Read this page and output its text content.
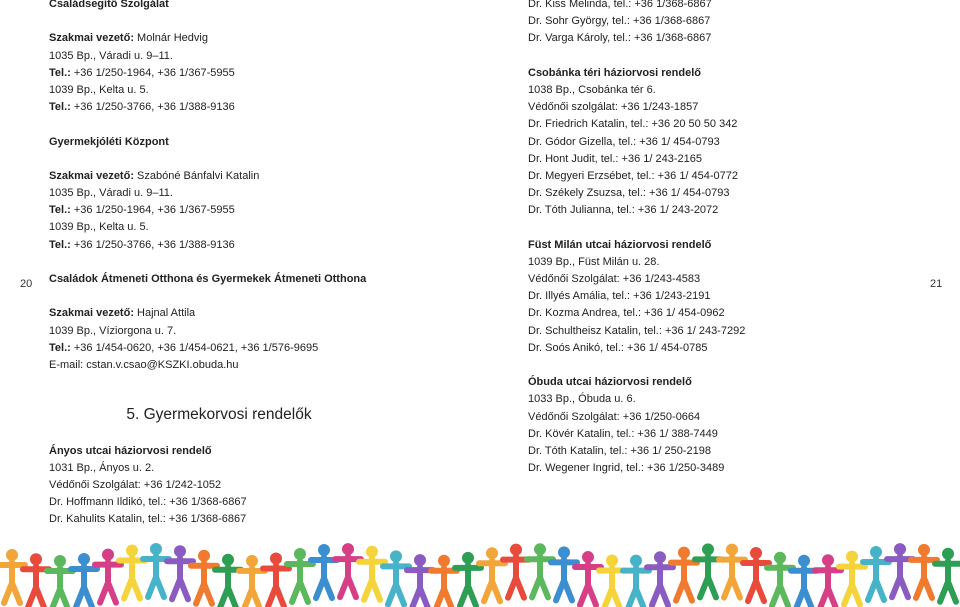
20	21
Családsegítő Szolgálat
Szakmai vezető: Molnár Hedvig
1035 Bp., Váradi u. 9–11.
Tel.: +36 1/250-1964, +36 1/367-5955
1039 Bp., Kelta u. 5.
Tel.: +36 1/250-3766, +36 1/388-9136
Gyermekjóléti Központ
Szakmai vezető: Szabóné Bánfalvi Katalin
1035 Bp., Váradi u. 9–11.
Tel.: +36 1/250-1964, +36 1/367-5955
1039 Bp., Kelta u. 5.
Tel.: +36 1/250-3766, +36 1/388-9136
Családok Átmeneti Otthona és Gyermekek Átmeneti Otthona
Szakmai vezető: Hajnal Attila
1039 Bp., Víziorgona u. 7.
Tel.: +36 1/454-0620, +36 1/454-0621, +36 1/576-9695
E-mail: cstan.v.csao@KSZKI.obuda.hu
5. Gyermekorvosi rendelők
Ányos utcai háziorvosi rendelő
1031 Bp., Ányos u. 2.
Védőnői Szolgálat: +36 1/242-1052
Dr. Hoffmann Ildikó, tel.: +36 1/368-6867
Dr. Kahulits Katalin, tel.: +36 1/368-6867
Dr. Kiss Melinda, tel.: +36 1/368-6867
Dr. Sohr György, tel.: +36 1/368-6867
Dr. Varga Károly, tel.: +36 1/368-6867
Csobánka téri háziorvosi rendelő
1038 Bp., Csobánka tér 6.
Védőnői szolgálat: +36 1/243-1857
Dr. Friedrich Katalin, tel.: +36 20 50 50 342
Dr. Gódor Gizella, tel.: +36 1/ 454-0793
Dr. Hont Judit, tel.: +36 1/ 243-2165
Dr. Megyeri Erzsébet, tel.: +36 1/ 454-0772
Dr. Székely Zsuzsa, tel.: +36 1/ 454-0793
Dr. Tóth Julianna, tel.: +36 1/ 243-2072
Füst Milán utcai háziorvosi rendelő
1039 Bp., Füst Milán u. 28.
Védőnői Szolgálat: +36 1/243-4583
Dr. Illyés Amália, tel.: +36 1/243-2191
Dr. Kozma Andrea, tel.: +36 1/ 454-0962
Dr. Schultheisz Katalin, tel.: +36 1/ 243-7292
Dr. Soós Anikó, tel.: +36 1/ 454-0785
Óbuda utcai háziorvosi rendelő
1033 Bp., Óbuda u. 6.
Védőnői Szolgálat: +36 1/250-0664
Dr. Kövér Katalin, tel.: +36 1/ 388-7449
Dr. Tóth Katalin, tel.: +36 1/ 250-2198
Dr. Wegener Ingrid, tel.: +36 1/250-3489
